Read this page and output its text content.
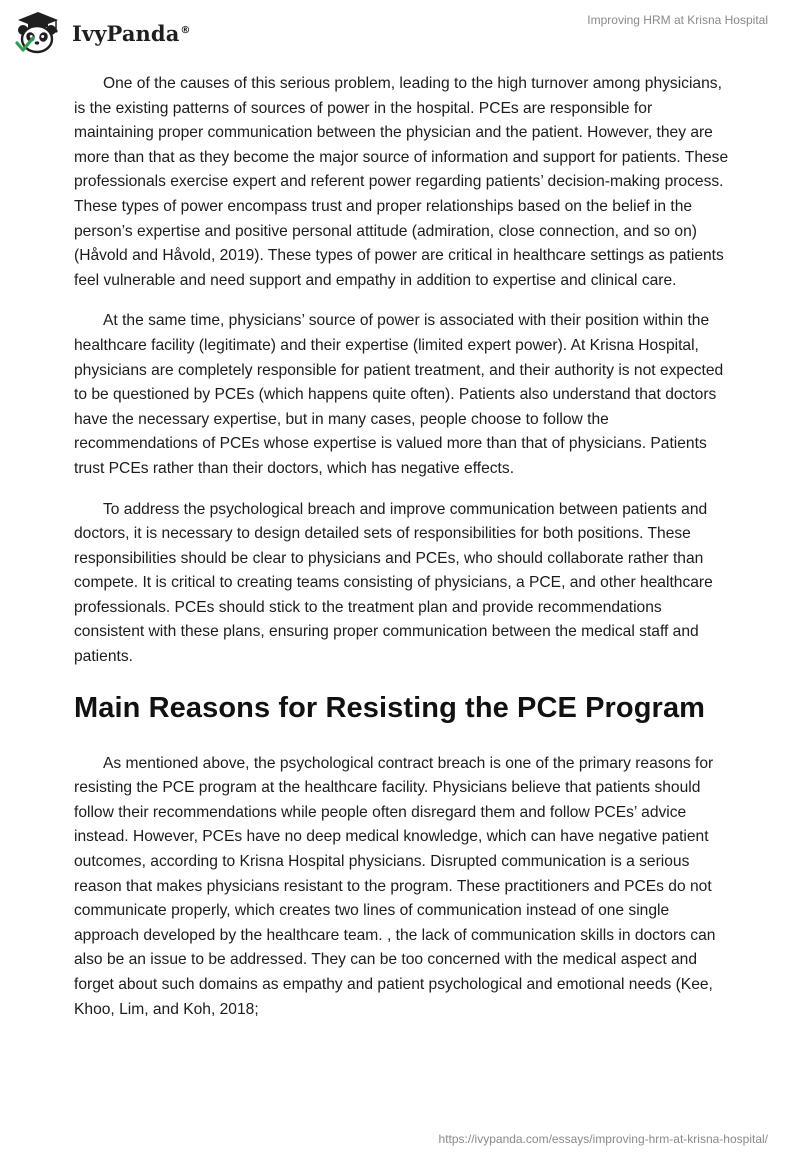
IvyPanda®
Improving HRM at Krisna Hospital

One of the causes of this serious problem, leading to the high turnover among physicians, is the existing patterns of sources of power in the hospital. PCEs are responsible for maintaining proper communication between the physician and the patient. However, they are more than that as they become the major source of information and support for patients. These professionals exercise expert and referent power regarding patients’ decision-making process. These types of power encompass trust and proper relationships based on the belief in the person’s expertise and positive personal attitude (admiration, close connection, and so on) (Håvold and Håvold, 2019). These types of power are critical in healthcare settings as patients feel vulnerable and need support and empathy in addition to expertise and clinical care.

At the same time, physicians’ source of power is associated with their position within the healthcare facility (legitimate) and their expertise (limited expert power). At Krisna Hospital, physicians are completely responsible for patient treatment, and their authority is not expected to be questioned by PCEs (which happens quite often). Patients also understand that doctors have the necessary expertise, but in many cases, people choose to follow the recommendations of PCEs whose expertise is valued more than that of physicians. Patients trust PCEs rather than their doctors, which has negative effects.

To address the psychological breach and improve communication between patients and doctors, it is necessary to design detailed sets of responsibilities for both positions. These responsibilities should be clear to physicians and PCEs, who should collaborate rather than compete. It is critical to creating teams consisting of physicians, a PCE, and other healthcare professionals. PCEs should stick to the treatment plan and provide recommendations consistent with these plans, ensuring proper communication between the medical staff and patients.

Main Reasons for Resisting the PCE Program

As mentioned above, the psychological contract breach is one of the primary reasons for resisting the PCE program at the healthcare facility. Physicians believe that patients should follow their recommendations while people often disregard them and follow PCEs’ advice instead. However, PCEs have no deep medical knowledge, which can have negative patient outcomes, according to Krisna Hospital physicians. Disrupted communication is a serious reason that makes physicians resistant to the program. These practitioners and PCEs do not communicate properly, which creates two lines of communication instead of one single approach developed by the healthcare team. , the lack of communication skills in doctors can also be an issue to be addressed. They can be too concerned with the medical aspect and forget about such domains as empathy and patient psychological and emotional needs (Kee, Khoo, Lim, and Koh, 2018;

https://ivypanda.com/essays/improving-hrm-at-krisna-hospital/
